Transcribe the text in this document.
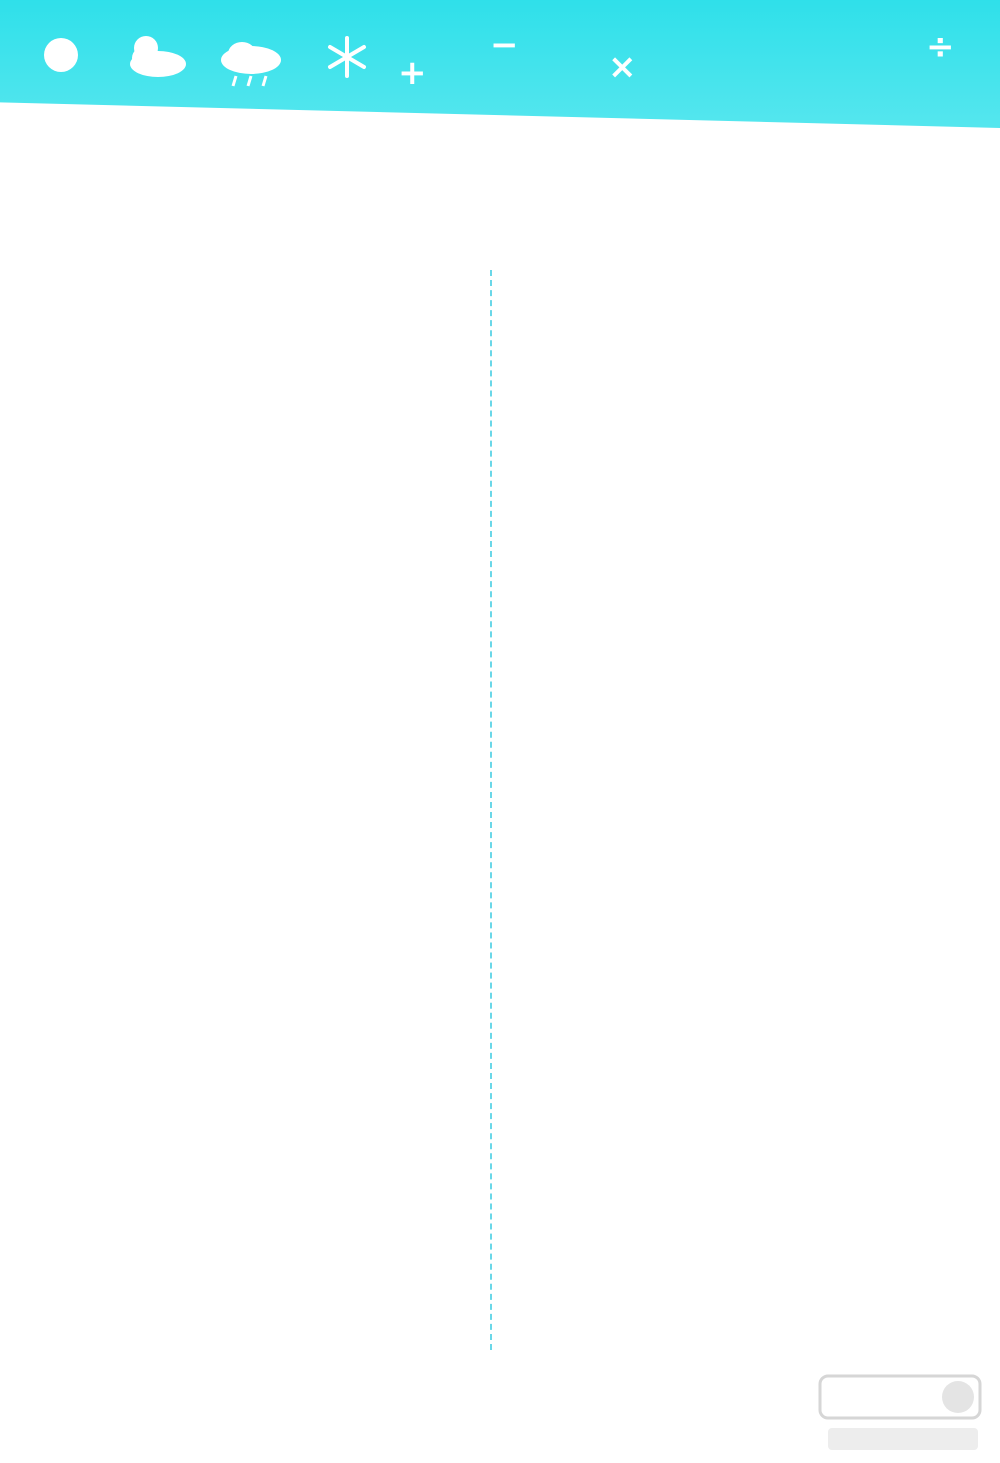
+
−
×	÷
